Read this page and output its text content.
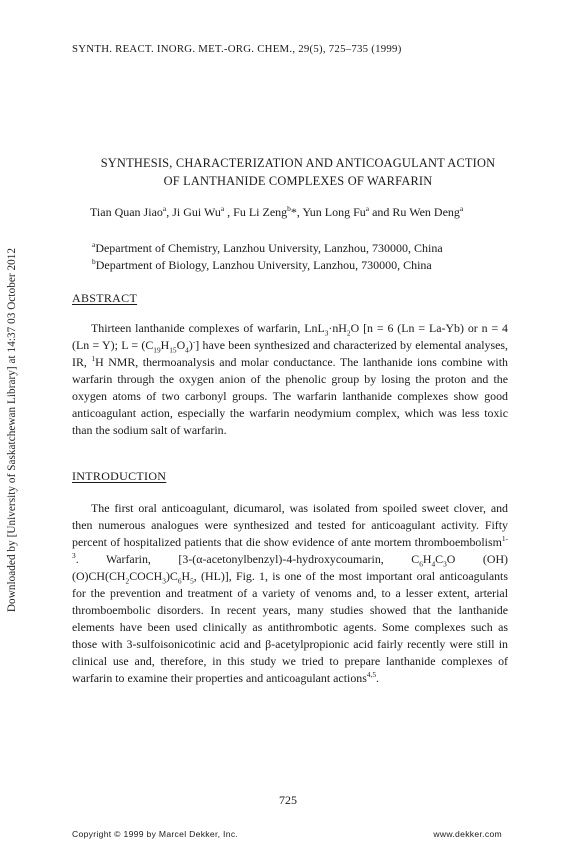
Downloaded by [University of Saskatchewan Library] at 14:37 03 October 2012
SYNTH. REACT. INORG. MET.-ORG. CHEM., 29(5), 725–735 (1999)
SYNTHESIS, CHARACTERIZATION AND ANTICOAGULANT ACTION
OF LANTHANIDE COMPLEXES OF WARFARIN
Tian Quan Jiao$^a$, Ji Gui Wu$^a$ , Fu Li Zeng$^b$*, Yun Long Fu$^a$ and Ru Wen Deng$^a$
$^a$Department of Chemistry, Lanzhou University, Lanzhou, 730000, China
$^b$Department of Biology, Lanzhou University, Lanzhou, 730000, China
ABSTRACT

Thirteen lanthanide complexes of warfarin, $LnL_3\cdot nH_2O$ [n = 6 (Ln = La-Yb) or n = 4 (Ln = Y); $L = (C_{19}H_{15}O_4)^-$] have been synthesized and characterized by elemental analyses, IR, $^1$H NMR, thermoanalysis and molar conductance. The lanthanide ions combine with warfarin through the oxygen anion of the phenolic group by losing the proton and the oxygen atoms of two carbonyl groups. The warfarin lanthanide complexes show good anticoagulant action, especially the warfarin neodymium complex, which was less toxic than the sodium salt of warfarin.

INTRODUCTION

The first oral anticoagulant, dicumarol, was isolated from spoiled sweet clover, and then numerous analogues were synthesized and tested for anticoagulant activity. Fifty percent of hospitalized patients that die show evidence of ante mortem thromboembolism$^{1-3}$. Warfarin, [3-(α-acetonylbenzyl)-4-hydroxycoumarin, $C_6H_4C_3O$ $(OH)(O)CH(CH_2COCH_3)C_6H_5$, (HL)], Fig. 1, is one of the most important oral anticoagulants for the prevention and treatment of a variety of venoms and, to a lesser extent, arterial thromboembolic disorders. In recent years, many studies showed that the lanthanide elements have been used clinically as antithrombotic agents. Some complexes such as those with 3-sulfoisonicotinic acid and β-acetylpropionic acid fairly recently were still in clinical use and, therefore, in this study we tried to prepare lanthanide complexes of warfarin to examine their properties and anticoagulant actions$^{4,5}$.

725
Copyright © 1999 by Marcel Dekker, Inc.	www.dekker.com
